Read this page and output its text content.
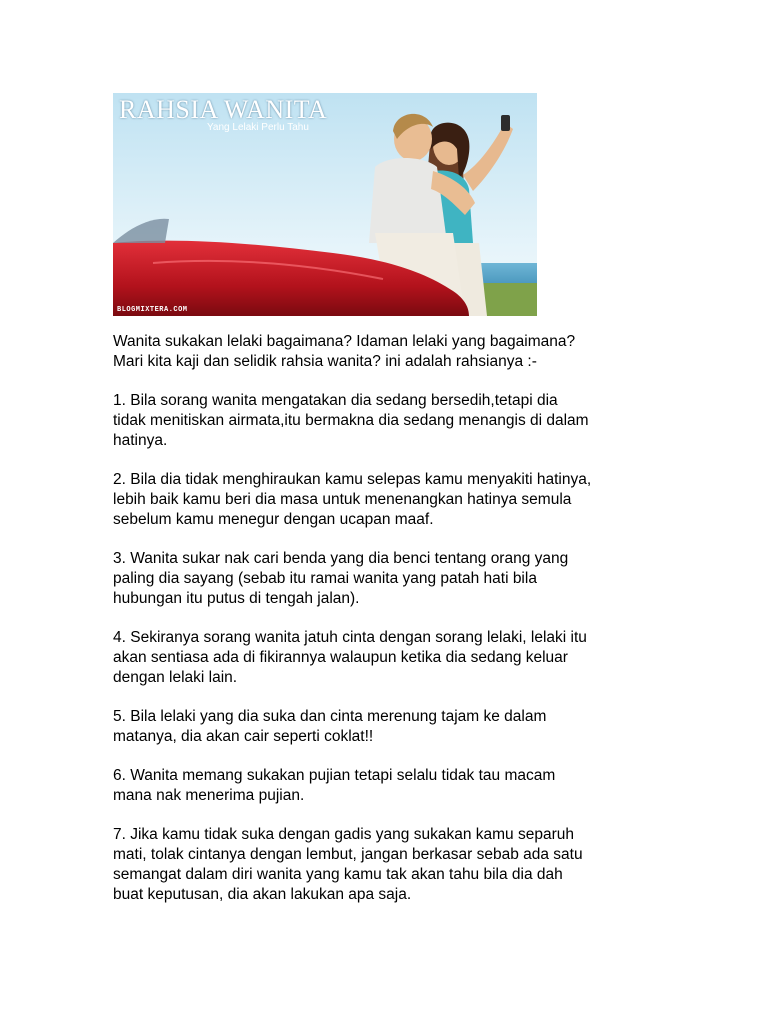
RAHSIA WANITA
Yang Lelaki Perlu Tahu
BLOGMIXTERA.COM

Wanita sukakan lelaki bagaimana? Idaman lelaki yang bagaimana?
Mari kita kaji dan selidik rahsia wanita? ini adalah rahsianya :-

1. Bila sorang wanita mengatakan dia sedang bersedih,tetapi dia
tidak menitiskan airmata,itu bermakna dia sedang menangis di dalam
hatinya.

2. Bila dia tidak menghiraukan kamu selepas kamu menyakiti hatinya,
lebih baik kamu beri dia masa untuk menenangkan hatinya semula
sebelum kamu menegur dengan ucapan maaf.

3. Wanita sukar nak cari benda yang dia benci tentang orang yang
paling dia sayang (sebab itu ramai wanita yang patah hati bila
hubungan itu putus di tengah jalan).

4. Sekiranya sorang wanita jatuh cinta dengan sorang lelaki, lelaki itu
akan sentiasa ada di fikirannya walaupun ketika dia sedang keluar
dengan lelaki lain.

5. Bila lelaki yang dia suka dan cinta merenung tajam ke dalam
matanya, dia akan cair seperti coklat!!

6. Wanita memang sukakan pujian tetapi selalu tidak tau macam
mana nak menerima pujian.

7. Jika kamu tidak suka dengan gadis yang sukakan kamu separuh
mati, tolak cintanya dengan lembut, jangan berkasar sebab ada satu
semangat dalam diri wanita yang kamu tak akan tahu bila dia dah
buat keputusan, dia akan lakukan apa saja.
